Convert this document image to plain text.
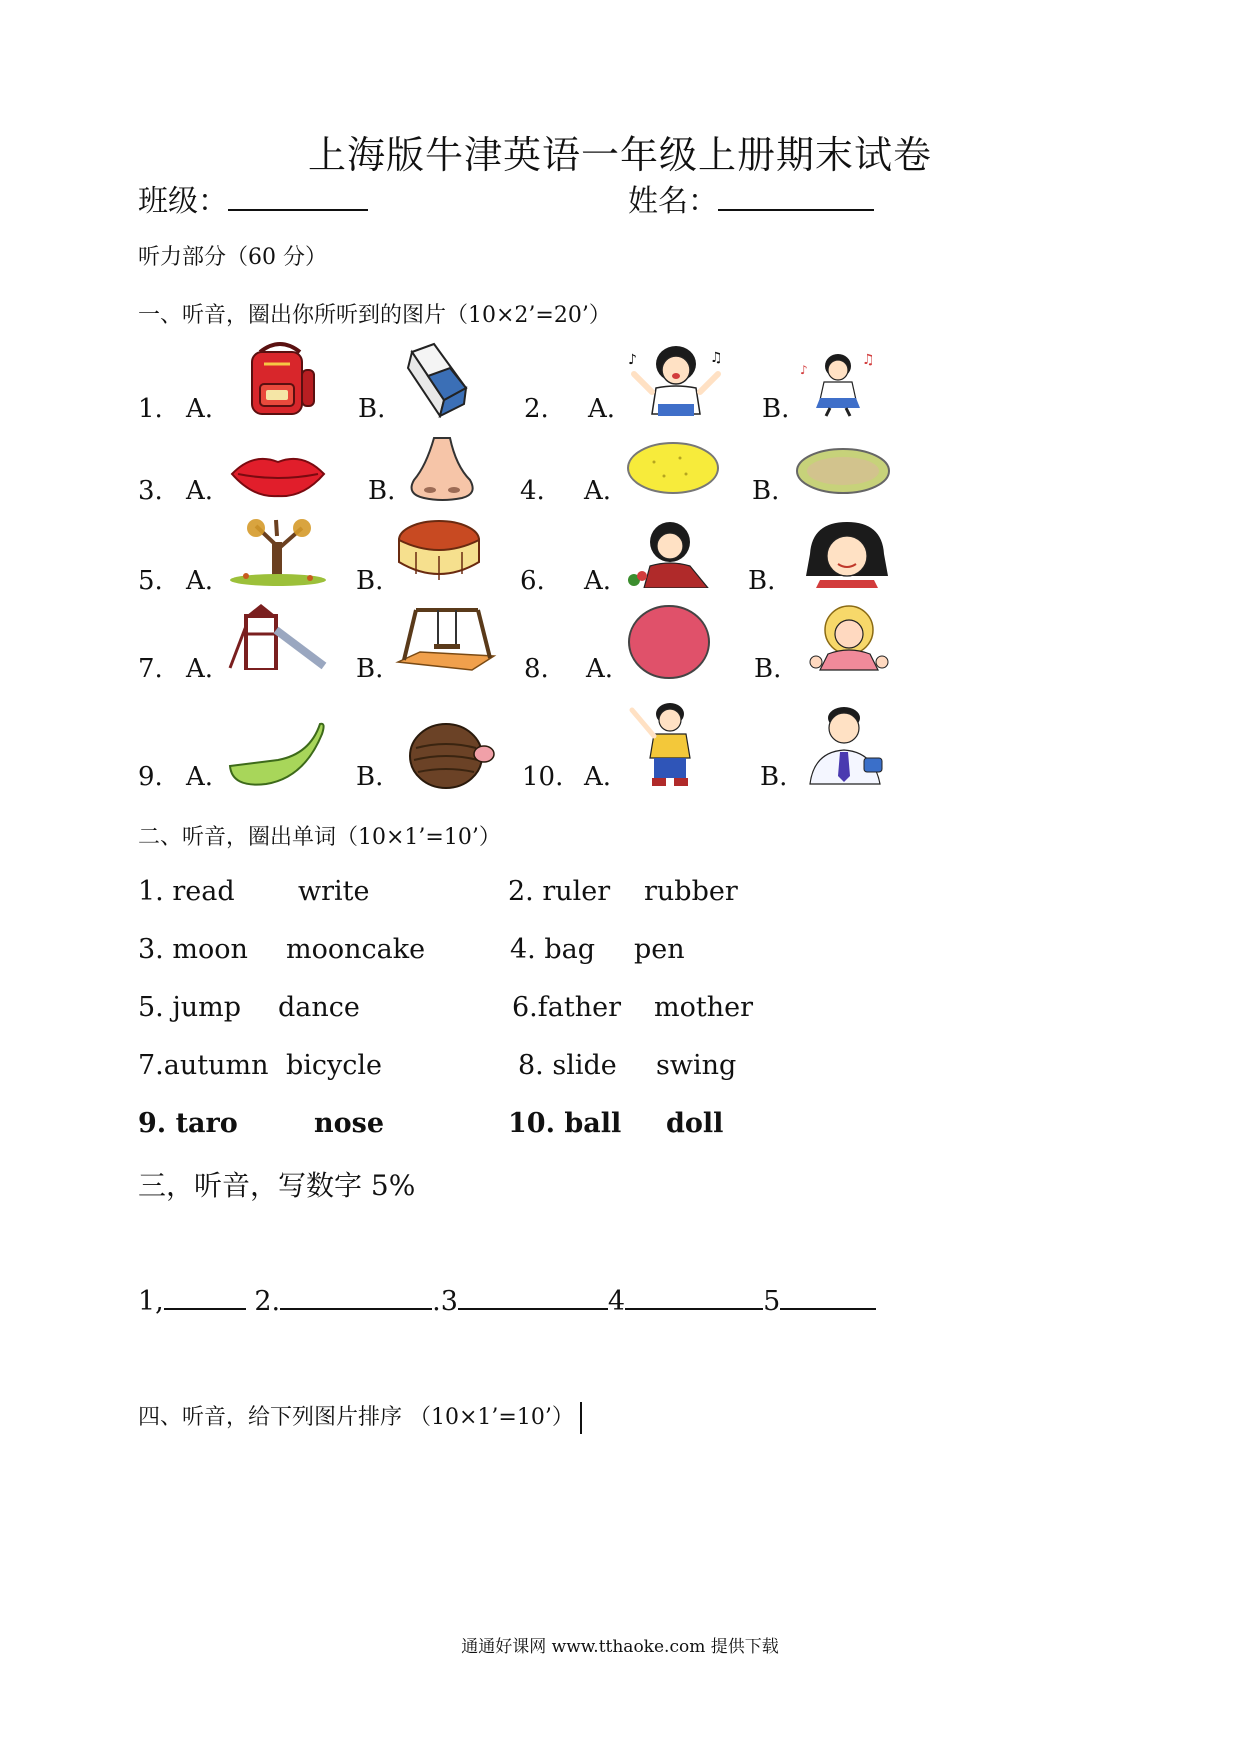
上海版牛津英语一年级上册期末试卷
班级：	姓名：
听力部分（60 分）
一、听音，圈出你所听到的图片（10×2’=20’）
1. A.	B.	2. A.	B.
3. A.	B.	4. A.	B.
5. A.	B.	6. A.	B.
7. A.	B.	8. A.	B.
9. A.	B.	10. A.	B.
♪	♫	♫
♪
二、听音，圈出单词（10×1’=10’）
1. read write	2. ruler rubber
3. moon mooncake	4. bag pen
5. jump dance	6.father mother
7.autumn bicycle	8. slide swing
9. taro	nose	10. ball doll
三，听音，写数字 5%
1,	2.	.3	4	5
四、听音，给下列图片排序 （10×1’=10’）
通通好课网 www.tthaoke.com 提供下载
